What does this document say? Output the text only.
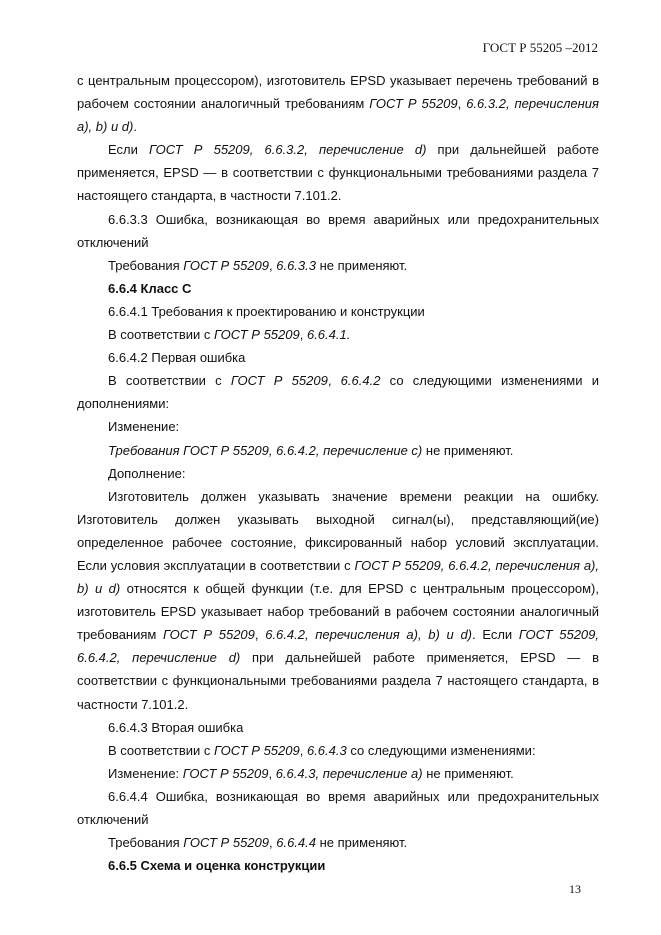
ГОСТ Р 55205 –2012

с центральным процессором), изготовитель EPSD указывает перечень требований в рабочем состоянии аналогичный требованиям ГОСТ Р 55209, 6.6.3.2, перечисления а), b) и d).

Если ГОСТ Р 55209, 6.6.3.2, перечисление d) при дальнейшей работе применяется, EPSD — в соответствии с функциональными требованиями раздела 7 настоящего стандарта, в частности 7.101.2.

6.6.3.3 Ошибка, возникающая во время аварийных или предохранительных отключений

Требования ГОСТ Р 55209, 6.6.3.3 не применяют.

6.6.4 Класс С

6.6.4.1 Требования к проектированию и конструкции

В соответствии с ГОСТ Р 55209, 6.6.4.1.

6.6.4.2 Первая ошибка

В соответствии с ГОСТ Р 55209, 6.6.4.2 со следующими изменениями и дополнениями:

Изменение:

Требования ГОСТ Р 55209, 6.6.4.2, перечисление с) не применяют.

Дополнение:

Изготовитель должен указывать значение времени реакции на ошибку. Изготовитель должен указывать выходной сигнал(ы), представляющий(ие) определенное рабочее состояние, фиксированный набор условий эксплуатации. Если условия эксплуатации в соответствии с ГОСТ Р 55209, 6.6.4.2, перечисления а), b) и d) относятся к общей функции (т.е. для EPSD с центральным процессором), изготовитель EPSD указывает набор требований в рабочем состоянии аналогичный требованиям ГОСТ Р 55209, 6.6.4.2, перечисления а), b) и d). Если ГОСТ 55209, 6.6.4.2, перечисление d) при дальнейшей работе применяется, EPSD — в соответствии с функциональными требованиями раздела 7 настоящего стандарта, в частности 7.101.2.

6.6.4.3 Вторая ошибка

В соответствии с ГОСТ Р 55209, 6.6.4.3 со следующими изменениями:

Изменение: ГОСТ Р 55209, 6.6.4.3, перечисление а) не применяют.

6.6.4.4 Ошибка, возникающая во время аварийных или предохранительных отключений

Требования ГОСТ Р 55209, 6.6.4.4 не применяют.

6.6.5 Схема и оценка конструкции

13
